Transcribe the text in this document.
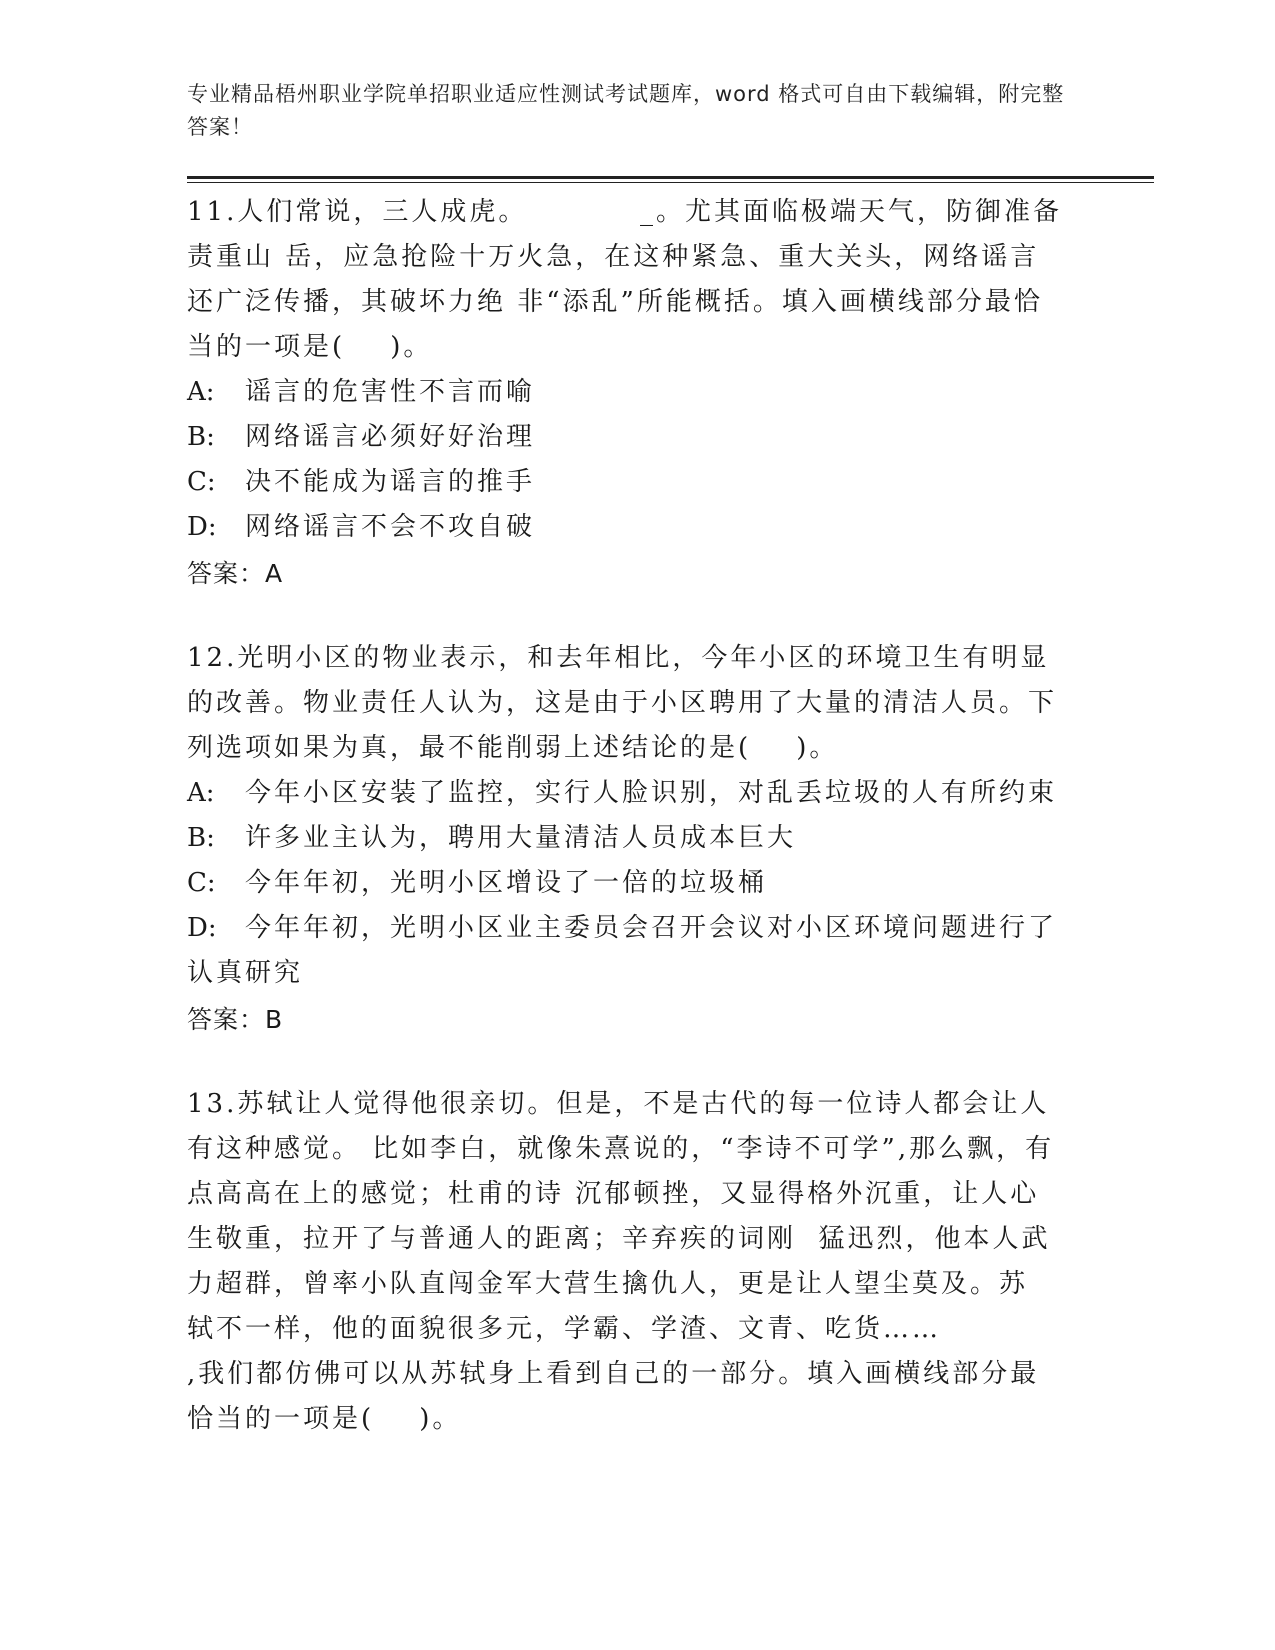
专业精品梧州职业学院单招职业适应性测试考试题库，word 格式可自由下载编辑，附完整答案！

11.人们常说，三人成虎。          _。尤其面临极端天气，防御准备责重山 岳，应急抢险十万火急，在这种紧急、重大关头，网络谣言还广泛传播，其破坏力绝 非“添乱”所能概括。填入画横线部分最恰当的一项是(    )。

A: 谣言的危害性不言而喻

B: 网络谣言必须好好治理

C: 决不能成为谣言的推手

D: 网络谣言不会不攻自破

答案：A

12.光明小区的物业表示，和去年相比，今年小区的环境卫生有明显的改善。物业责任人认为，这是由于小区聘用了大量的清洁人员。下列选项如果为真，最不能削弱上述结论的是(    )。

A: 今年小区安装了监控，实行人脸识别，对乱丢垃圾的人有所约束

B: 许多业主认为，聘用大量清洁人员成本巨大

C: 今年年初，光明小区增设了一倍的垃圾桶

D: 今年年初，光明小区业主委员会召开会议对小区环境问题进行了认真研究

答案：B

13.苏轼让人觉得他很亲切。但是，不是古代的每一位诗人都会让人有这种感觉。 比如李白，就像朱熹说的，“李诗不可学”,那么飘，有点高高在上的感觉；杜甫的诗 沉郁顿挫，又显得格外沉重，让人心生敬重，拉开了与普通人的距离；辛弃疾的词刚  猛迅烈，他本人武力超群，曾率小队直闯金军大营生擒仇人，更是让人望尘莫及。苏 轼不一样，他的面貌很多元，学霸、学渣、文青、吃货……
,我们都仿佛可以从苏轼身上看到自己的一部分。填入画横线部分最恰当的一项是(    )。
